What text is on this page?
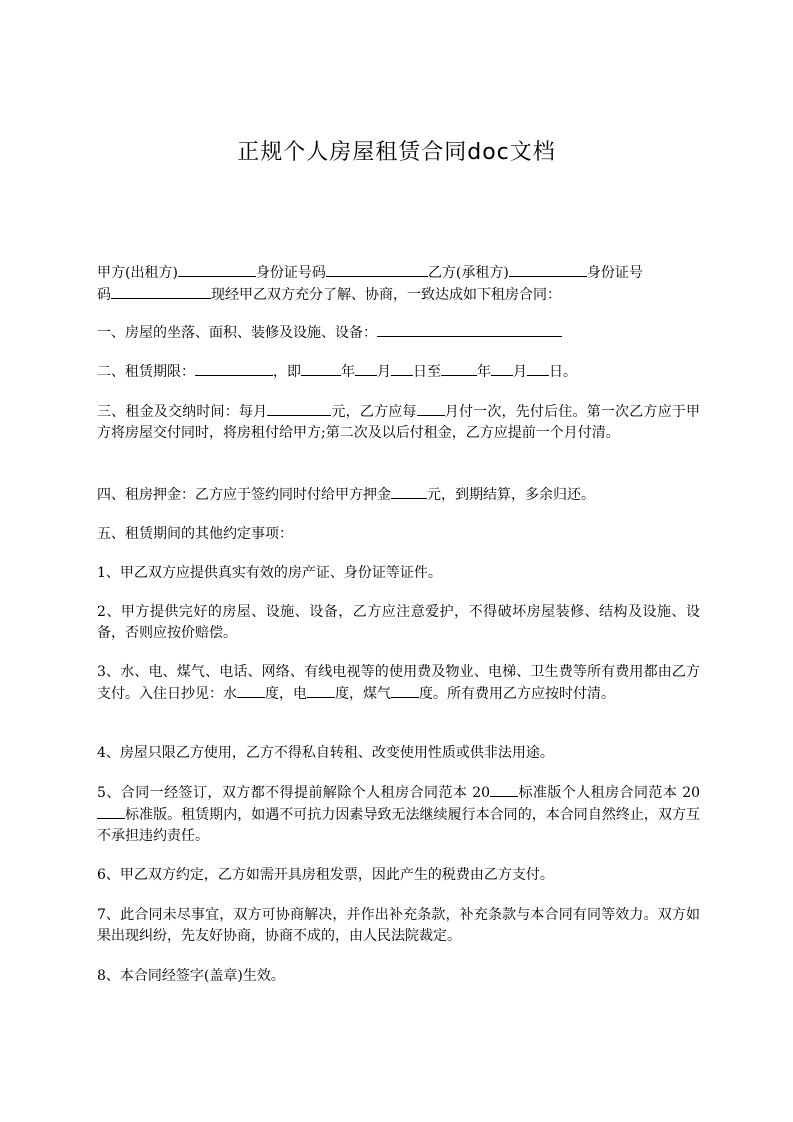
正规个人房屋租赁合同doc文档
甲方(出租方)	身份证号码	乙方(承租方)	身份证号
码	现经甲乙双方充分了解、协商，一致达成如下租房合同：
一、房屋的坐落、面积、装修及设施、设备：
二、租赁期限：	，即	年 月 日至	年 月 日。
三、租金及交纳时间：每月	元，乙方应每 月付一次，先付后住。第一次乙方应于甲方将房屋交付同时，将房租付给甲方;第二次及以后付租金，乙方应提前一个月付清。
四、租房押金：乙方应于签约同时付给甲方押金	元，到期结算，多余归还。
五、租赁期间的其他约定事项：
1、甲乙双方应提供真实有效的房产证、身份证等证件。
2、甲方提供完好的房屋、设施、设备，乙方应注意爱护，不得破坏房屋装修、结构及设施、设备，否则应按价赔偿。
3、水、电、煤气、电话、网络、有线电视等的使用费及物业、电梯、卫生费等所有费用都由乙方支付。入住日抄见：水 度，电 度，煤气 度。所有费用乙方应按时付清。
4、房屋只限乙方使用，乙方不得私自转租、改变使用性质或供非法用途。
5、合同一经签订，双方都不得提前解除个人租房合同范本 20 标准版个人租房合同范本 20标准版。租赁期内，如遇不可抗力因素导致无法继续履行本合同的，本合同自然终止，双方互不承担违约责任。
6、甲乙双方约定，乙方如需开具房租发票，因此产生的税费由乙方支付。
7、此合同未尽事宜，双方可协商解决，并作出补充条款，补充条款与本合同有同等效力。双方如果出现纠纷，先友好协商，协商不成的，由人民法院裁定。
8、本合同经签字(盖章)生效。
